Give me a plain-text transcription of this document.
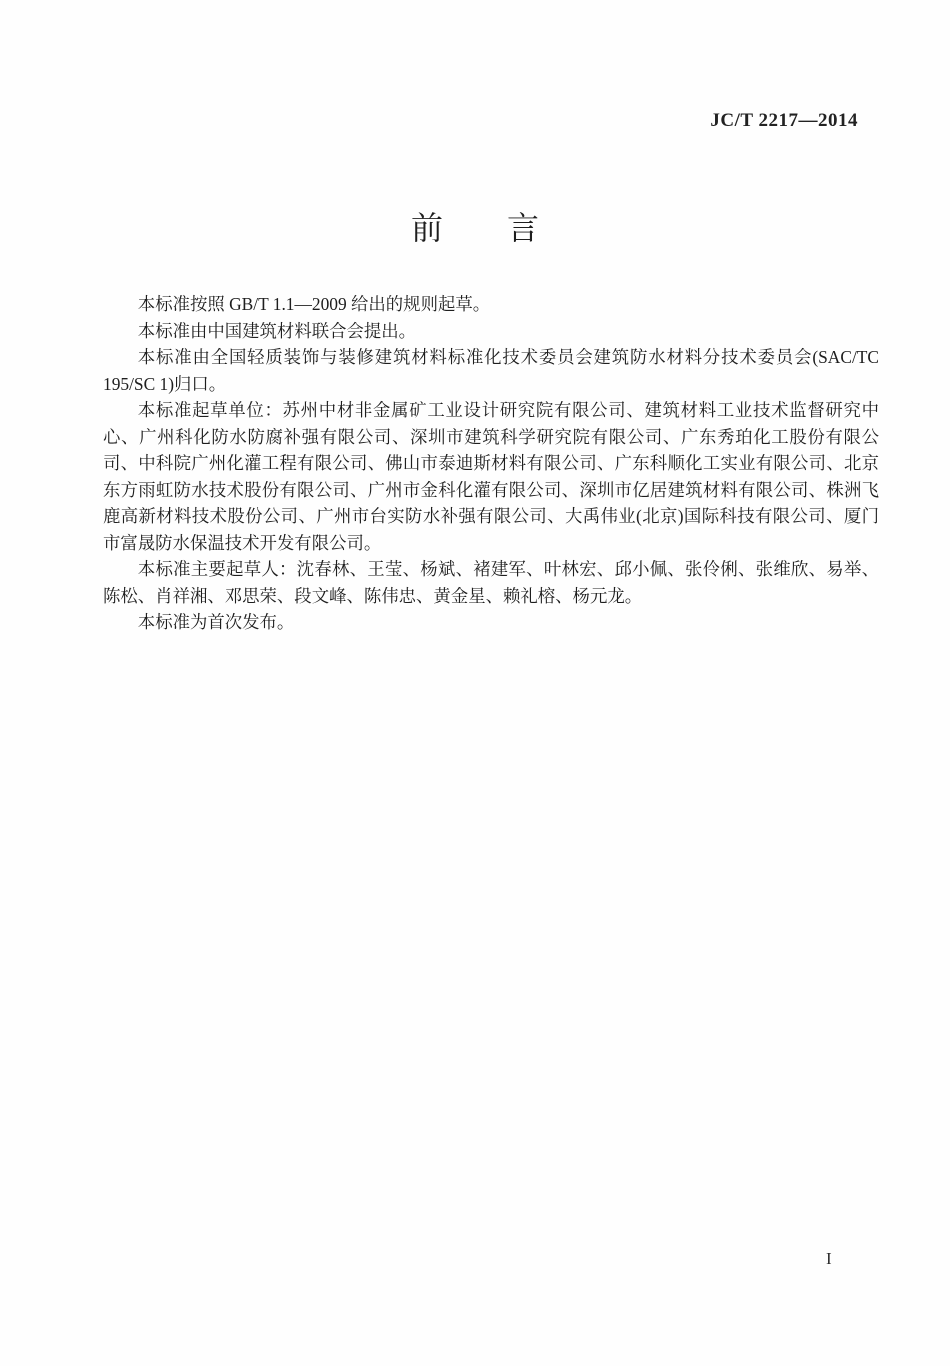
JC/T 2217—2014
前　　言

本标准按照 GB/T 1.1—2009 给出的规则起草。

本标准由中国建筑材料联合会提出。

本标准由全国轻质装饰与装修建筑材料标准化技术委员会建筑防水材料分技术委员会(SAC/TC 195/SC 1)归口。

本标准起草单位：苏州中材非金属矿工业设计研究院有限公司、建筑材料工业技术监督研究中心、广州科化防水防腐补强有限公司、深圳市建筑科学研究院有限公司、广东秀珀化工股份有限公司、中科院广州化灌工程有限公司、佛山市泰迪斯材料有限公司、广东科顺化工实业有限公司、北京东方雨虹防水技术股份有限公司、广州市金科化灌有限公司、深圳市亿居建筑材料有限公司、株洲飞鹿高新材料技术股份公司、广州市台实防水补强有限公司、大禹伟业(北京)国际科技有限公司、厦门市富晟防水保温技术开发有限公司。

本标准主要起草人：沈春林、王莹、杨斌、褚建军、叶林宏、邱小佩、张伶俐、张维欣、易举、陈松、肖祥湘、邓思荣、段文峰、陈伟忠、黄金星、赖礼榕、杨元龙。

本标准为首次发布。

I
